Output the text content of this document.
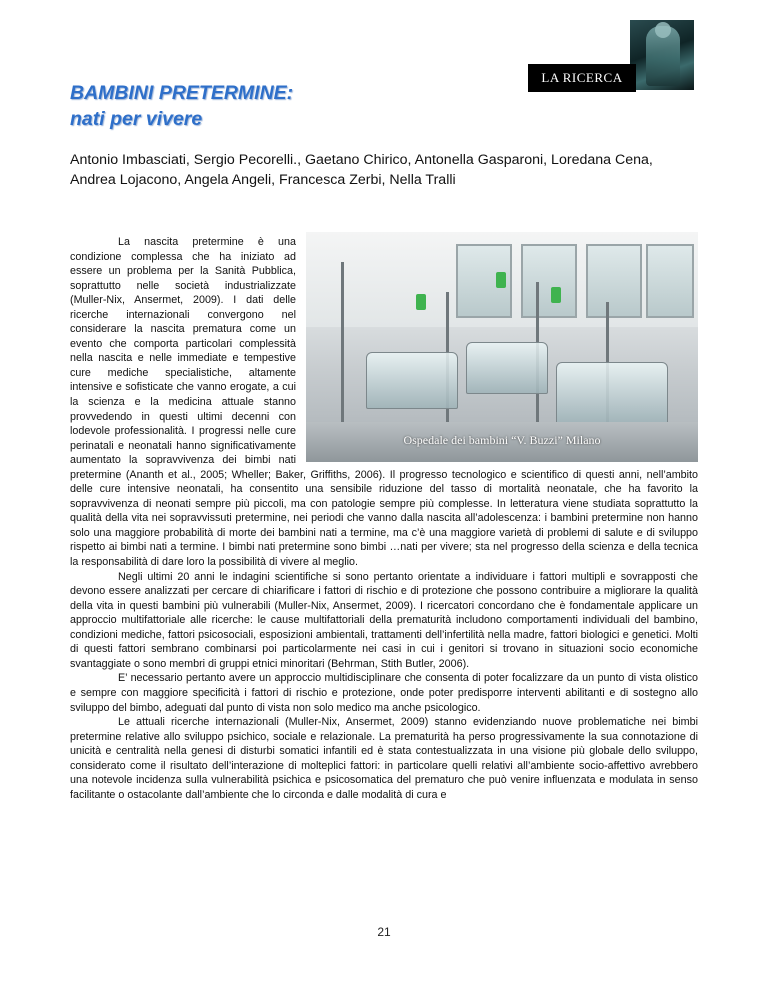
LA RICERCA
BAMBINI PRETERMINE:
nati per vivere

Antonio Imbasciati, Sergio Pecorelli., Gaetano Chirico, Antonella Gasparoni, Loredana Cena, Andrea Lojacono, Angela Angeli, Francesca Zerbi, Nella Tralli

Ospedale dei bambini “V. Buzzi” Milano

La nascita pretermine è una condizione complessa che ha iniziato ad essere un problema per la Sanità Pubblica, soprattutto nelle società industrializzate (Muller-Nix, Ansermet, 2009). I dati delle ricerche internazionali convergono nel considerare la nascita prematura come un evento che comporta particolari complessità nella nascita e nelle immediate e tempestive cure mediche specialistiche, altamente intensive e sofisticate che vanno erogate, a cui la scienza e la medicina attuale stanno provvedendo in questi ultimi decenni con lodevole professionalità. I progressi nelle cure perinatali e neonatali hanno significativamente aumentato la sopravvivenza dei bimbi nati pretermine (Ananth et al., 2005; Wheller; Baker, Griffiths, 2006). Il progresso tecnologico e scientifico di questi anni, nell’ambito delle cure intensive neonatali, ha consentito una sensibile riduzione del tasso di mortalità neonatale, che ha favorito la sopravvivenza di neonati sempre più piccoli, ma con patologie sempre più complesse. In letteratura viene studiata soprattutto la qualità della vita nei sopravvissuti pretermine, nei periodi che vanno dalla nascita all’adolescenza: i bambini pretermine non hanno solo una maggiore probabilità di morte dei bambini nati a termine, ma c’è una maggiore varietà di problemi di salute e di sviluppo rispetto ai bimbi nati a termine. I bimbi nati pretermine sono bimbi …nati per vivere; sta nel progresso della scienza e della tecnica la responsabilità di dare loro la possibilità di vivere al meglio.

Negli ultimi 20 anni le indagini scientifiche si sono pertanto orientate a individuare i fattori multipli e sovrapposti che devono essere analizzati per cercare di chiarificare i fattori di rischio e di protezione che possono contribuire a migliorare la qualità della vita in questi bambini più vulnerabili (Muller-Nix, Ansermet, 2009). I ricercatori concordano che è fondamentale applicare un approccio multifattoriale alle ricerche: le cause multifattoriali della prematurità includono comportamenti individuali del bambino, condizioni mediche, fattori psicosociali, esposizioni ambientali, trattamenti dell’infertilità nella madre, fattori biologici e genetici. Molti di questi fattori sembrano combinarsi poi particolarmente nei casi in cui i genitori si trovano in situazioni socio economiche svantaggiate o sono membri di gruppi etnici minoritari (Behrman, Stith Butler, 2006).

E’ necessario pertanto avere un approccio multidisciplinare che consenta di poter focalizzare da un punto di vista olistico e sempre con maggiore specificità i fattori di rischio e protezione, onde poter predisporre interventi abilitanti e di sostegno allo sviluppo del bimbo, adeguati dal punto di vista non solo medico ma anche psicologico.

Le attuali ricerche internazionali (Muller-Nix, Ansermet, 2009) stanno evidenziando nuove problematiche nei bimbi pretermine relative allo sviluppo psichico, sociale e relazionale. La prematurità ha perso progressivamente la sua connotazione di unicità e centralità nella genesi di disturbi somatici infantili ed è stata contestualizzata in una visione più globale dello sviluppo, considerato come il risultato dell’interazione di molteplici fattori: in particolare quelli relativi all’ambiente socio-affettivo avrebbero una notevole incidenza sulla vulnerabilità psichica e psicosomatica del prematuro che può venire influenzata e modulata in senso facilitante o ostacolante dall’ambiente che lo circonda e dalle modalità di cura e

21
